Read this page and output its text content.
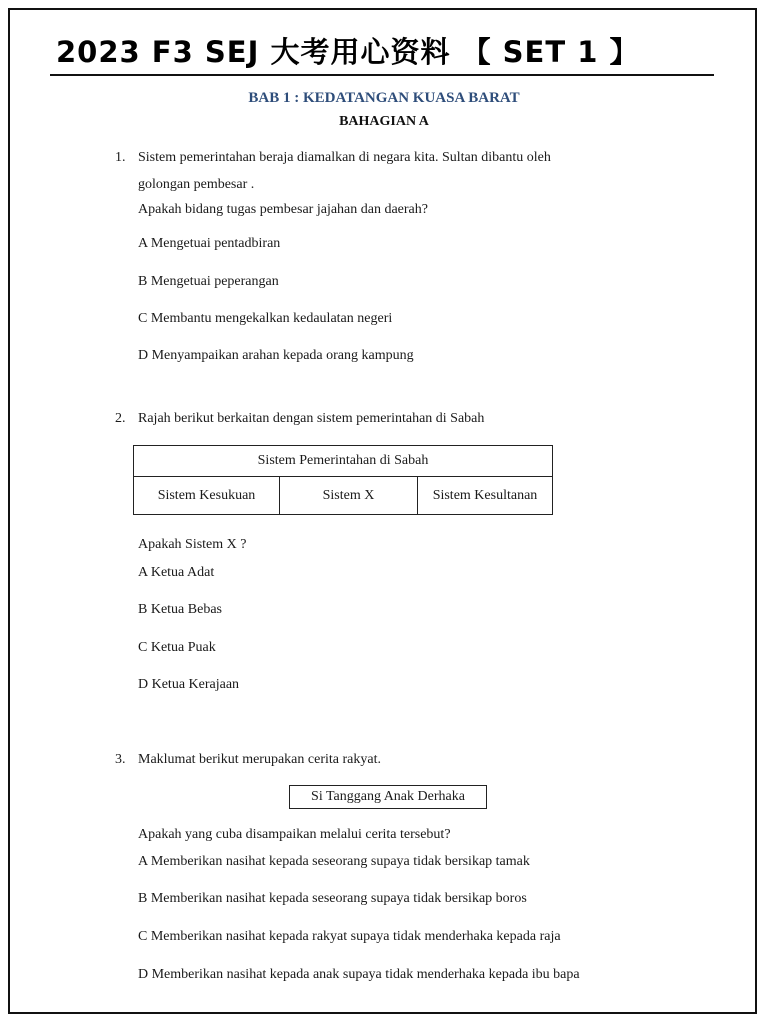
2023 F3 SEJ 大考用心资料 【 SET 1 】
BAB 1 : KEDATANGAN KUASA BARAT
BAHAGIAN A
1. Sistem pemerintahan beraja diamalkan di negara kita. Sultan dibantu oleh
golongan pembesar .
Apakah bidang tugas pembesar jajahan dan daerah?
A Mengetuai pentadbiran
B Mengetuai peperangan
C Membantu mengekalkan kedaulatan negeri
D Menyampaikan arahan kepada orang kampung
2. Rajah berikut berkaitan dengan sistem pemerintahan di Sabah
Sistem Pemerintahan di Sabah
Sistem Kesukuan	Sistem X	Sistem Kesultanan
Apakah Sistem X ?
A Ketua Adat
B Ketua Bebas
C Ketua Puak
D Ketua Kerajaan
3. Maklumat berikut merupakan cerita rakyat.
Si Tanggang Anak Derhaka
Apakah yang cuba disampaikan melalui cerita tersebut?
A Memberikan nasihat kepada seseorang supaya tidak bersikap tamak
B Memberikan nasihat kepada seseorang supaya tidak bersikap boros
C Memberikan nasihat kepada rakyat supaya tidak menderhaka kepada raja
D Memberikan nasihat kepada anak supaya tidak menderhaka kepada ibu bapa
